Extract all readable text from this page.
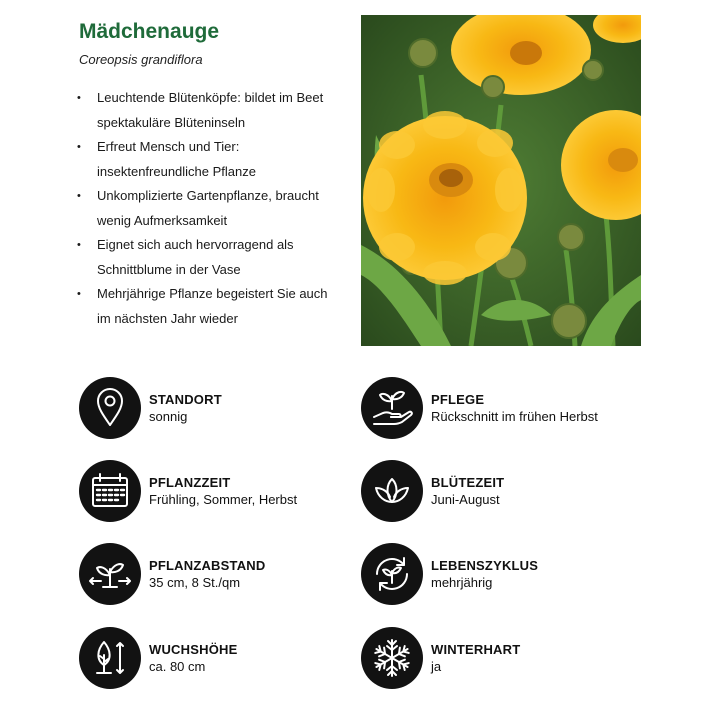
Mädchenauge
Coreopsis grandiflora
• Leuchtende Blütenköpfe: bildet im Beet
spektakuläre Blüteninseln
• Erfreut Mensch und Tier:
insektenfreundliche Pflanze
• Unkomplizierte Gartenpflanze, braucht
wenig Aufmerksamkeit
• Eignet sich auch hervorragend als
Schnittblume in der Vase
• Mehrjährige Pflanze begeistert Sie auch
im nächsten Jahr wieder
STANDORT
sonnig
PFLEGE
Rückschnitt im frühen Herbst
PFLANZZEIT
Frühling, Sommer, Herbst
BLÜTEZEIT
Juni-August
PFLANZABSTAND
35 cm, 8 St./qm
LEBENSZYKLUS
mehrjährig
WUCHSHÖHE
ca. 80 cm
WINTERHART
ja
